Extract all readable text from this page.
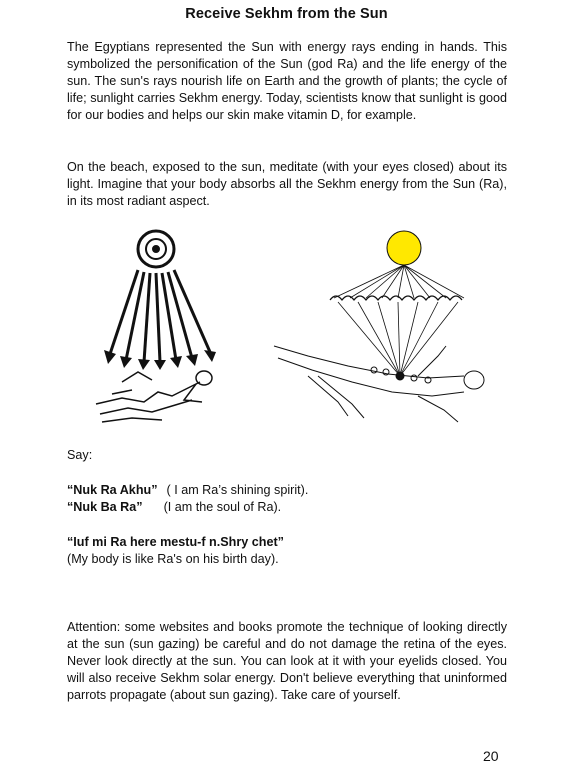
Receive Sekhm from the Sun

The Egyptians represented the Sun with energy rays ending in hands. This symbolized the personification of the Sun (god Ra) and the life energy of the sun. The sun's rays nourish life on Earth and the growth of plants; the cycle of life; sunlight carries Sekhm energy. Today, scientists know that sunlight is good for our bodies and helps our skin make vitamin D, for example.

On the beach, exposed to the sun, meditate (with your eyes closed) about its light. Imagine that your body absorbs all the Sekhm energy from the Sun (Ra), in its most radiant aspect.

Say:
“Nuk Ra Akhu” ( I am Ra’s shining spirit).
“Nuk Ba Ra” (I am the soul of Ra).
“Iuf mi Ra here mestu-f n.Shry chet”
(My body is like Ra's on his birth day).

Attention: some websites and books promote the technique of looking directly at the sun (sun gazing) be careful and do not damage the retina of the eyes. Never look directly at the sun. You can look at it with your eyelids closed. You will also receive Sekhm solar energy. Don't believe everything that uninformed parrots propagate (about sun gazing). Take care of yourself.

20
